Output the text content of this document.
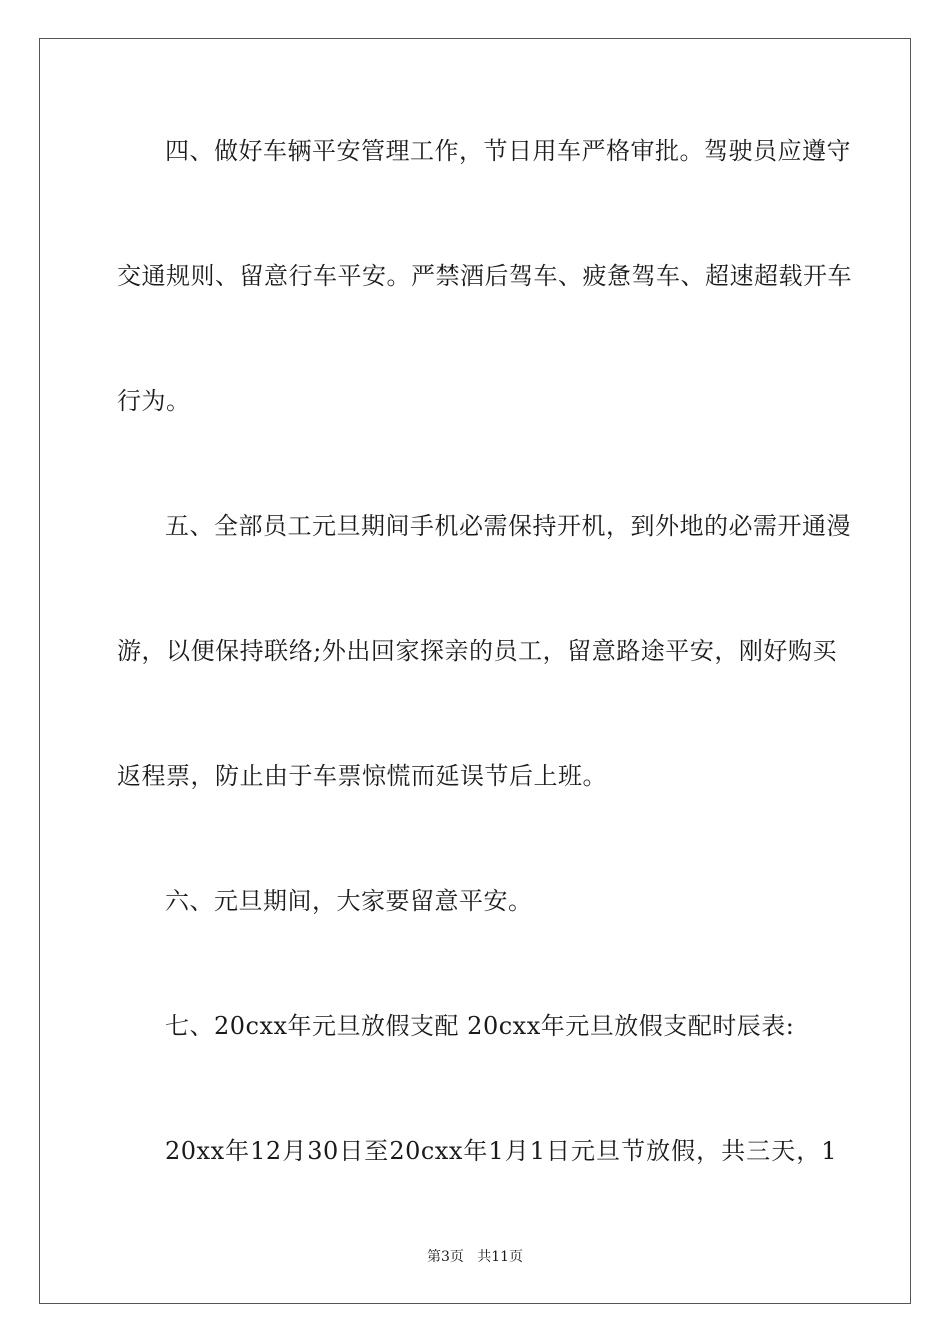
四、做好车辆平安管理工作，节日用车严格审批。驾驶员应遵守
交通规则、留意行车平安。严禁酒后驾车、疲惫驾车、超速超载开车
行为。
五、全部员工元旦期间手机必需保持开机，到外地的必需开通漫
游，以便保持联络;外出回家探亲的员工，留意路途平安，刚好购买
返程票，防止由于车票惊慌而延误节后上班。
六、元旦期间，大家要留意平安。
七、20cxx年元旦放假支配 20cxx年元旦放假支配时辰表:
20xx年12月30日至20cxx年1月1日元旦节放假，共三天，1
第3页   共11页
